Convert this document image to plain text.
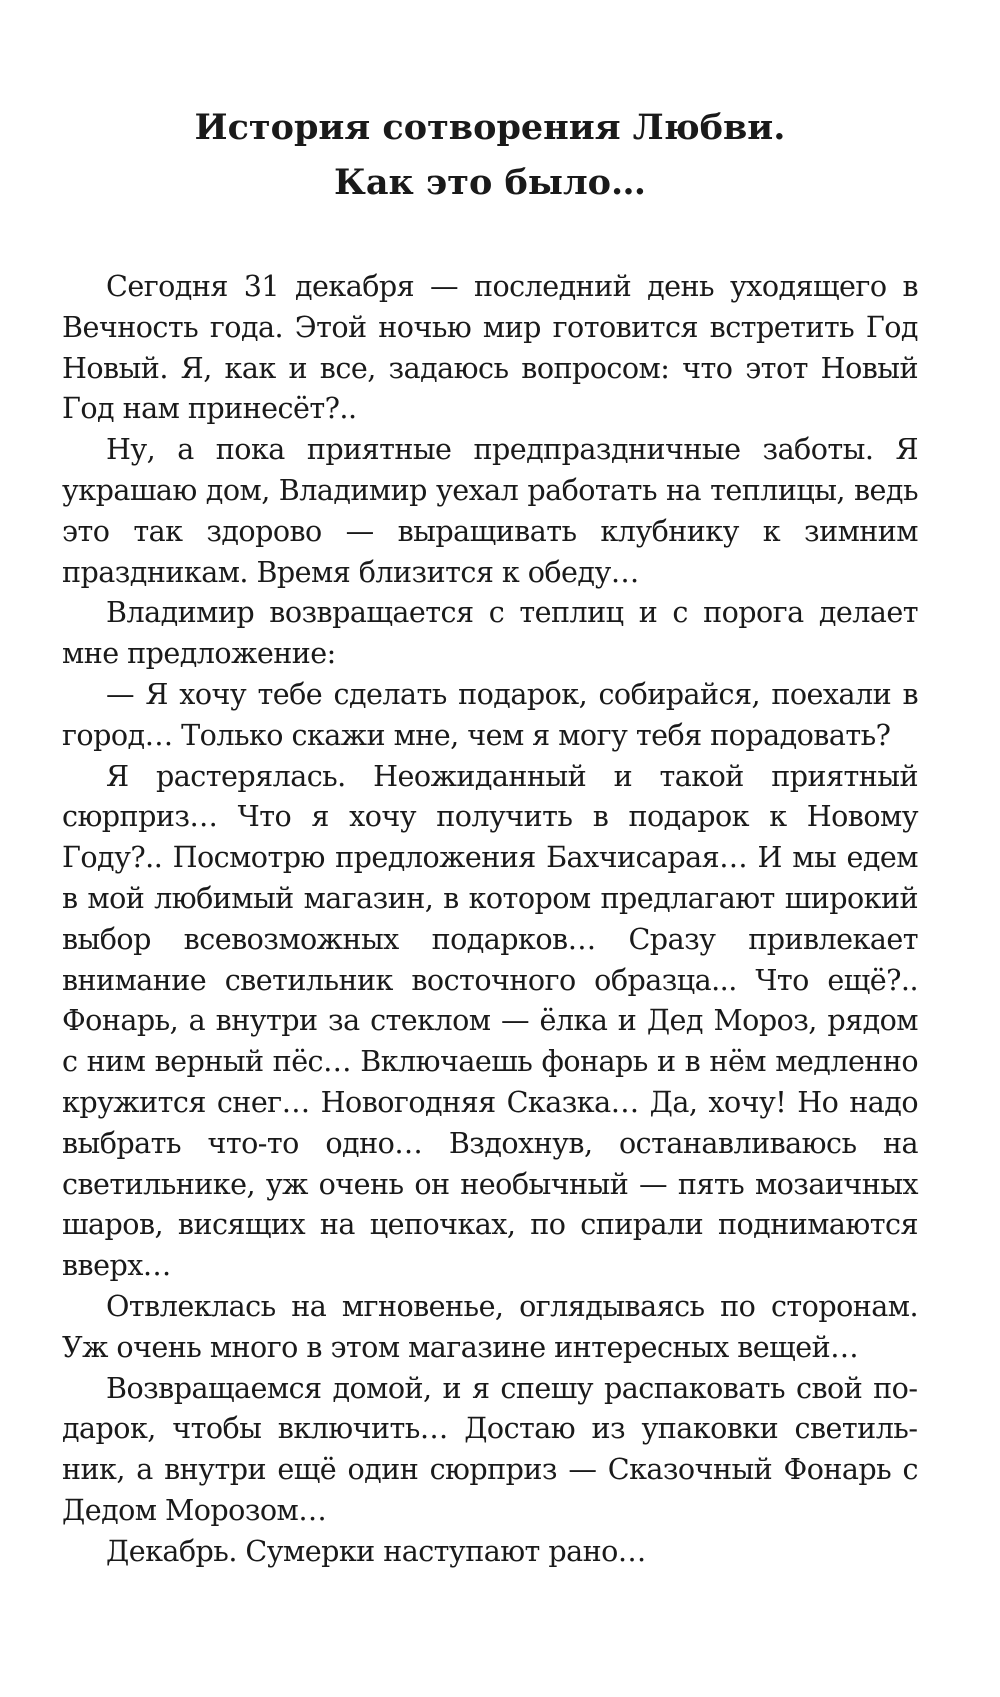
История сотворения Любви.
Как это было…

Сегодня 31 декабря — последний день уходящего в Вечность года. Этой ночью мир готовится встретить Год Новый. Я, как и все, задаюсь вопросом: что этот Новый Год нам принесёт?..

Ну, а пока приятные предпраздничные заботы. Я украшаю дом, Владимир уехал работать на теплицы, ведь это так здорово — выращивать клубнику к зимним праздникам. Время близится к обеду…

Владимир возвращается с теплиц и с порога делает мне предложение:

— Я хочу тебе сделать подарок, собирайся, поехали в город… Только скажи мне, чем я могу тебя порадовать?

Я растерялась. Неожиданный и такой приятный сюрприз… Что я хочу получить в подарок к Новому Году?.. Посмотрю предложения Бахчисарая… И мы едем в мой любимый магазин, в котором предлагают широкий выбор всевозможных подарков… Сразу привлекает внимание светильник восточного образца... Что ещё?.. Фонарь, а внутри за стеклом — ёлка и Дед Мороз, рядом с ним верный пёс… Включаешь фонарь и в нём медленно кружится снег… Новогодняя Сказка… Да, хочу! Но надо выбрать что-то одно… Вздохнув, останавливаюсь на светильнике, уж очень он необычный — пять мозаичных шаров, висящих на цепочках, по спирали поднимаются вверх…

Отвлеклась на мгновенье, оглядываясь по сторонам. Уж очень много в этом магазине интересных вещей…

Возвращаемся домой, и я спешу распаковать свой подарок, чтобы включить… Достаю из упаковки светильник, а внутри ещё один сюрприз — Сказочный Фонарь с Дедом Морозом…

Декабрь. Сумерки наступают рано…
